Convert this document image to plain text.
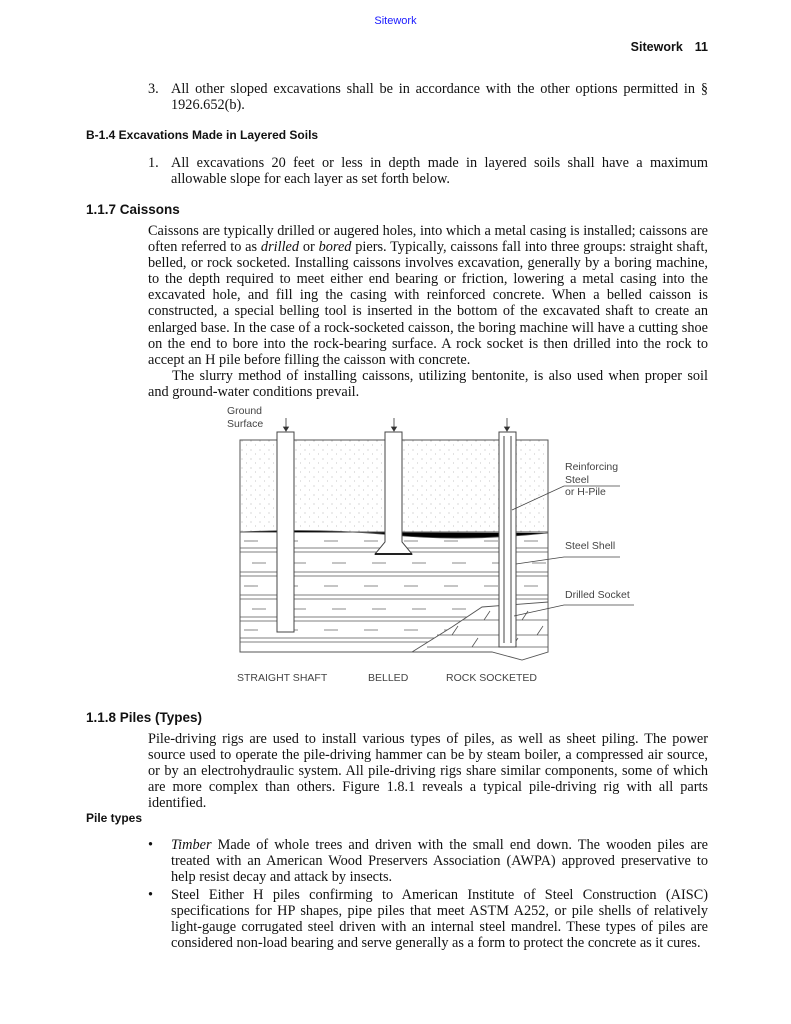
Sitework
Sitework 11
3. All other sloped excavations shall be in accordance with the other options permitted in § 1926.652(b).
B-1.4 Excavations Made in Layered Soils
1. All excavations 20 feet or less in depth made in layered soils shall have a maximum allowable slope for each layer as set forth below.
1.1.7 Caissons
Caissons are typically drilled or augered holes, into which a metal casing is installed; caissons are often referred to as drilled or bored piers. Typically, caissons fall into three groups: straight shaft, belled, or rock socketed. Installing caissons involves excavation, generally by a boring machine, to the depth required to meet either end bearing or friction, lowering a metal casing into the excavated hole, and fill ing the casing with reinforced concrete. When a belled caisson is constructed, a special belling tool is inserted in the bottom of the excavated shaft to create an enlarged base. In the case of a rock-socketed caisson, the boring machine will have a cutting shoe on the end to bore into the rock-bearing surface. A rock socket is then drilled into the rock to accept an H pile before filling the caisson with concrete.
The slurry method of installing caissons, utilizing bentonite, is also used when proper soil and ground-water conditions prevail.
Ground
Surface
Reinforcing
Steel
or H-Pile
Steel Shell
Drilled Socket
STRAIGHT SHAFT	BELLED	ROCK SOCKETED
1.1.8 Piles (Types)
Pile-driving rigs are used to install various types of piles, as well as sheet piling. The power source used to operate the pile-driving hammer can be by steam boiler, a compressed air source, or by an electrohydraulic system. All pile-driving rigs share similar components, some of which are more complex than others. Figure 1.8.1 reveals a typical pile-driving rig with all parts identified.
Pile types
• Timber Made of whole trees and driven with the small end down. The wooden piles are treated with an American Wood Preservers Association (AWPA) approved preservative to help resist decay and attack by insects.
• Steel Either H piles confirming to American Institute of Steel Construction (AISC) specifications for HP shapes, pipe piles that meet ASTM A252, or pile shells of relatively light-gauge corrugated steel driven with an internal steel mandrel. These types of piles are considered non-load bearing and serve generally as a form to protect the concrete as it cures.
